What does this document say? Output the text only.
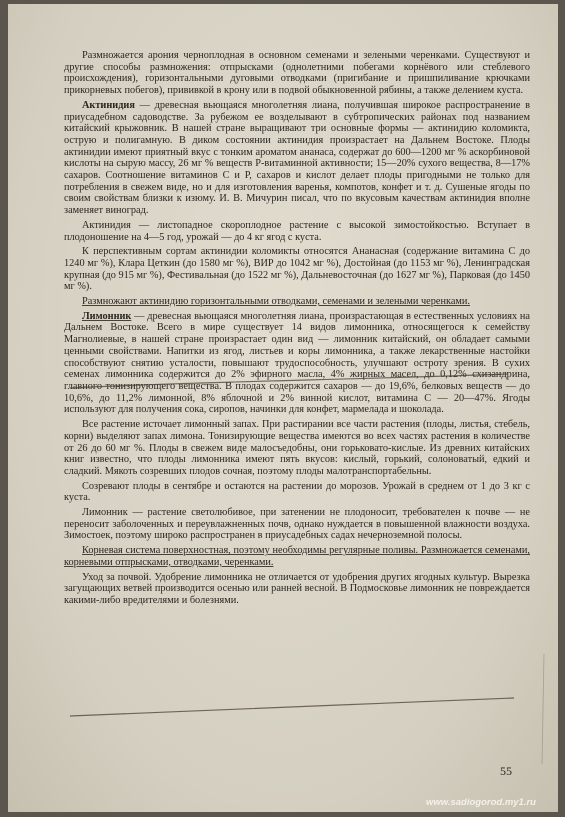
Размножается арония черноплодная в основном семенами и зелеными черенками. Существуют и другие способы размножения: отпрысками (однолетними побегами корнёвого или стеблевого происхождения), горизонтальными дуговыми отводками (пригибание и пришпиливание крючками прикорневых побегов), прививкой в крону или в подвой обыкновенной рябины, а также делением куста.

Актинидия — древесная вьющаяся многолетняя лиана, получившая широкое распространение в приусадебном садоводстве. За рубежом ее возделывают в субтропических районах под названием китайский крыжовник. В нашей стране выращивают три основные формы — актинидию коломикта, острую и полигамную. В диком состоянии актинидия произрастает на Дальнем Востоке. Плоды актинидии имеют приятный вкус с тонким ароматом ананаса, содержат до 600—1200 мг % аскорбиновой кислоты на сырую массу, 26 мг % веществ Р-витаминной активности; 15—20% сухого вещества, 8—17% сахаров. Соотношение витаминов С и Р, сахаров и кислот делает плоды пригодными не только для потребления в свежем виде, но и для изготовления варенья, компотов, конфет и т. д. Сушеные ягоды по своим свойствам близки к изюму. И. В. Мичурин писал, что по вкусовым качествам актинидия вполне заменяет виноград.

Актинидия — листопадное скороплодное растение с высокой зимостойкостью. Вступает в плодоношение на 4—5 год, урожай — до 4 кг ягод с куста.

К перспективным сортам актинидии коломикты относятся Ананасная (содержание витамина С до 1240 мг %), Клара Цеткин (до 1580 мг %), ВИР до 1042 мг %), Достойная (до 1153 мг %), Ленинградская крупная (до 915 мг %), Фестивальная (до 1522 мг %), Дальневосточная (до 1627 мг %), Парковая (до 1450 мг %).

Размножают актинидию горизонтальными отводками, семенами и зелеными черенками.

Лимонник — древесная вьющаяся многолетняя лиана, произрастающая в естественных условиях на Дальнем Востоке. Всего в мире существует 14 видов лимонника, относящегося к семейству Магнолиевые, в нашей стране произрастает один вид — лимонник китайский, он обладает самыми ценными свойствами. Напитки из ягод, листьев и коры лимонника, а также лекарственные настойки способствуют снятию усталости, повышают трудоспособность, улучшают остроту зрения. В сухих семенах лимонника содержится до 2% эфирного масла, 4% жирных масел, до 0,12% схизандрина, главного тонизирующего вещества. В плодах содержится сахаров — до 19,6%, белковых веществ — до 10,6%, до 11,2% лимонной, 8% яблочной и 2% винной кислот, витамина С — 20—47%. Ягоды используют для получения сока, сиропов, начинки для конфет, мармелада и шоколада.

Все растение источает лимонный запах. При растирании все части растения (плоды, листья, стебель, корни) выделяют запах лимона. Тонизирующие вещества имеются во всех частях растения в количестве от 26 до 60 мг %. Плоды в свежем виде малосъедобны, они горьковато-кислые. Из древних китайских книг известно, что плоды лимонника имеют пять вкусов: кислый, горький, солоноватый, едкий и сладкий. Мякоть созревших плодов сочная, поэтому плоды малотранспортабельны.

Созревают плоды в сентябре и остаются на растении до морозов. Урожай в среднем от 1 до 3 кг с куста.

Лимонник — растение светолюбивое, при затенении не плодоносит, требователен к почве — не переносит заболоченных и переувлажненных почв, однако нуждается в повышенной влажности воздуха. Зимостоек, поэтому широко распространен в приусадебных садах нечерноземной полосы.

Корневая система поверхностная, поэтому необходимы регулярные поливы. Размножается семенами, корневыми отпрысками, отводками, черенками.

Уход за почвой. Удобрение лимонника не отличается от удобрения других ягодных культур. Вырезка загущающих ветвей производится осенью или ранней весной. В Подмосковье лимонник не повреждается какими-либо вредителями и болезнями.

55
www.sadiogorod.my1.ru
